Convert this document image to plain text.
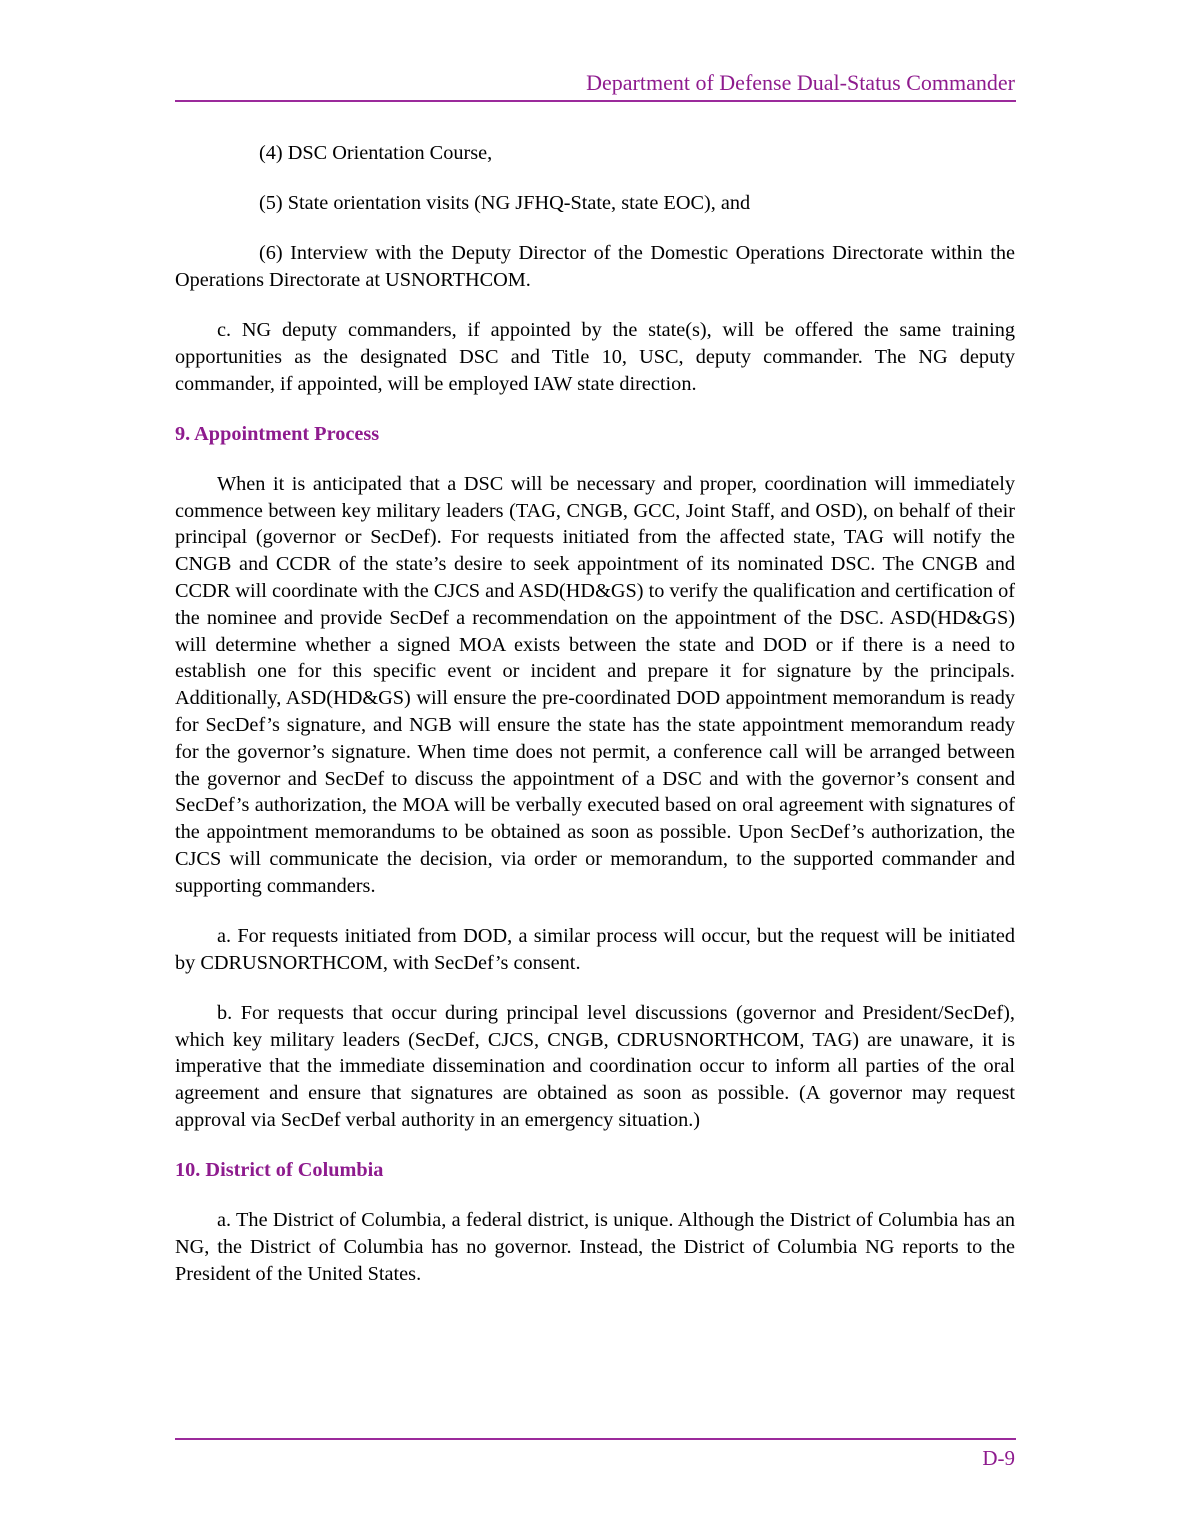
Department of Defense Dual-Status Commander

(4) DSC Orientation Course,

(5) State orientation visits (NG JFHQ-State, state EOC), and

(6) Interview with the Deputy Director of the Domestic Operations Directorate within the Operations Directorate at USNORTHCOM.

c. NG deputy commanders, if appointed by the state(s), will be offered the same training opportunities as the designated DSC and Title 10, USC, deputy commander. The NG deputy commander, if appointed, will be employed IAW state direction.

9. Appointment Process

When it is anticipated that a DSC will be necessary and proper, coordination will immediately commence between key military leaders (TAG, CNGB, GCC, Joint Staff, and OSD), on behalf of their principal (governor or SecDef). For requests initiated from the affected state, TAG will notify the CNGB and CCDR of the state’s desire to seek appointment of its nominated DSC. The CNGB and CCDR will coordinate with the CJCS and ASD(HD&GS) to verify the qualification and certification of the nominee and provide SecDef a recommendation on the appointment of the DSC. ASD(HD&GS) will determine whether a signed MOA exists between the state and DOD or if there is a need to establish one for this specific event or incident and prepare it for signature by the principals. Additionally, ASD(HD&GS) will ensure the pre-coordinated DOD appointment memorandum is ready for SecDef’s signature, and NGB will ensure the state has the state appointment memorandum ready for the governor’s signature. When time does not permit, a conference call will be arranged between the governor and SecDef to discuss the appointment of a DSC and with the governor’s consent and SecDef’s authorization, the MOA will be verbally executed based on oral agreement with signatures of the appointment memorandums to be obtained as soon as possible. Upon SecDef’s authorization, the CJCS will communicate the decision, via order or memorandum, to the supported commander and supporting commanders.

a. For requests initiated from DOD, a similar process will occur, but the request will be initiated by CDRUSNORTHCOM, with SecDef’s consent.

b. For requests that occur during principal level discussions (governor and President/SecDef), which key military leaders (SecDef, CJCS, CNGB, CDRUSNORTHCOM, TAG) are unaware, it is imperative that the immediate dissemination and coordination occur to inform all parties of the oral agreement and ensure that signatures are obtained as soon as possible. (A governor may request approval via SecDef verbal authority in an emergency situation.)

10. District of Columbia

a. The District of Columbia, a federal district, is unique. Although the District of Columbia has an NG, the District of Columbia has no governor. Instead, the District of Columbia NG reports to the President of the United States.

D-9
